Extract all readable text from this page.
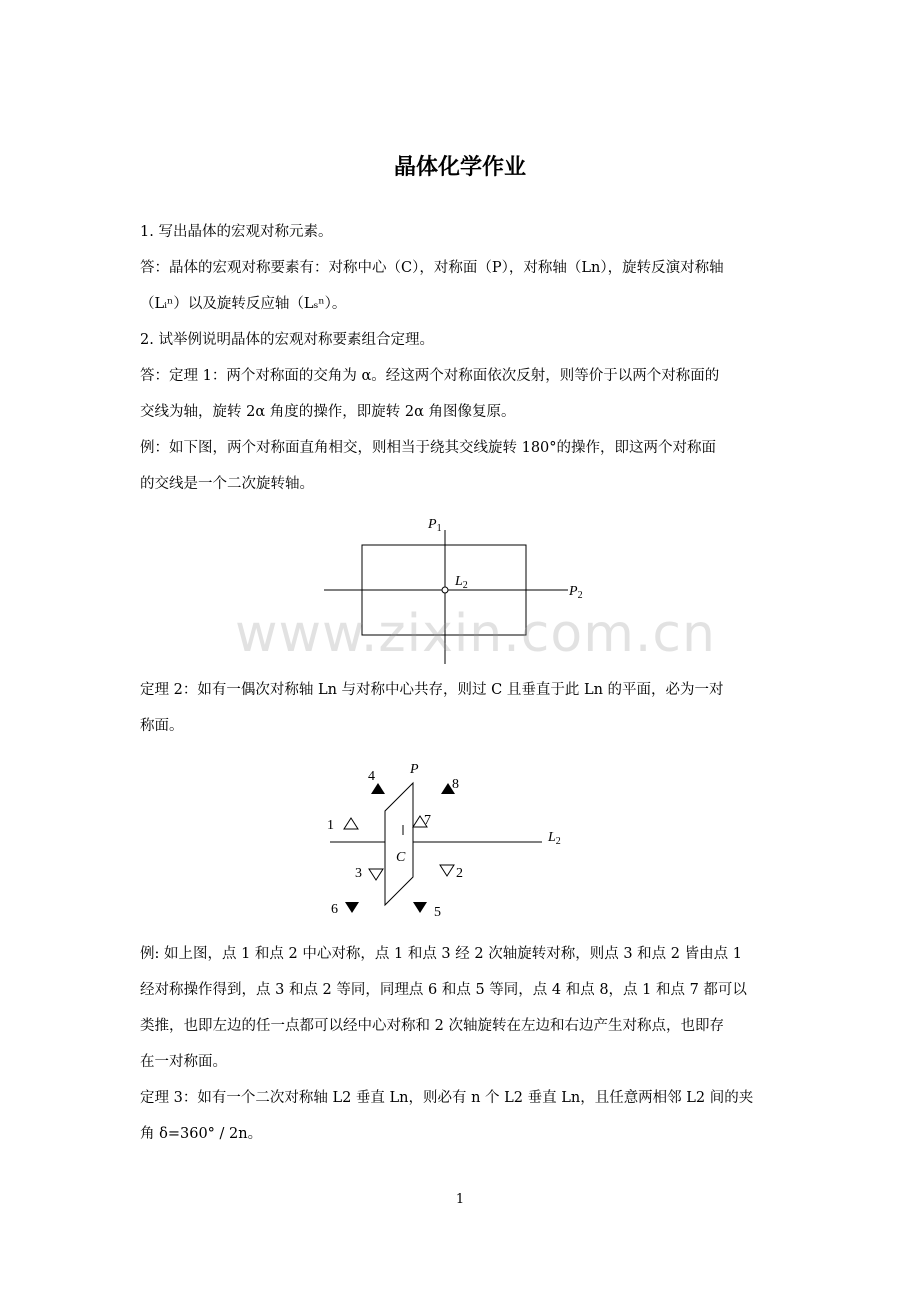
晶体化学作业
1. 写出晶体的宏观对称元素。
答：晶体的宏观对称要素有：对称中心（C），对称面（P），对称轴（Ln），旋转反演对称轴
（Lᵢⁿ）以及旋转反应轴（Lₛⁿ）。
2. 试举例说明晶体的宏观对称要素组合定理。
答：定理 1：两个对称面的交角为 α。经这两个对称面依次反射，则等价于以两个对称面的
交线为轴，旋转 2α 角度的操作，即旋转 2α 角图像复原。
例：如下图，两个对称面直角相交，则相当于绕其交线旋转 180°的操作，即这两个对称面
的交线是一个二次旋转轴。
$P_1$
$L_2$	$P_2$
www.zixin.com.cn
定理 2：如有一偶次对称轴 Ln 与对称中心共存，则过 C 且垂直于此 Ln 的平面，必为一对
称面。
P
C
$L_2$
4
8
1	7
3	2
6	5
例: 如上图，点 1 和点 2 中心对称，点 1 和点 3 经 2 次轴旋转对称，则点 3 和点 2 皆由点 1
经对称操作得到，点 3 和点 2 等同，同理点 6 和点 5 等同，点 4 和点 8，点 1 和点 7 都可以
类推，也即左边的任一点都可以经中心对称和 2 次轴旋转在左边和右边产生对称点，也即存
在一对称面。
定理 3：如有一个二次对称轴 L2 垂直 Ln，则必有 n 个 L2 垂直 Ln，且任意两相邻 L2 间的夹
角 δ=360° / 2n。
1
